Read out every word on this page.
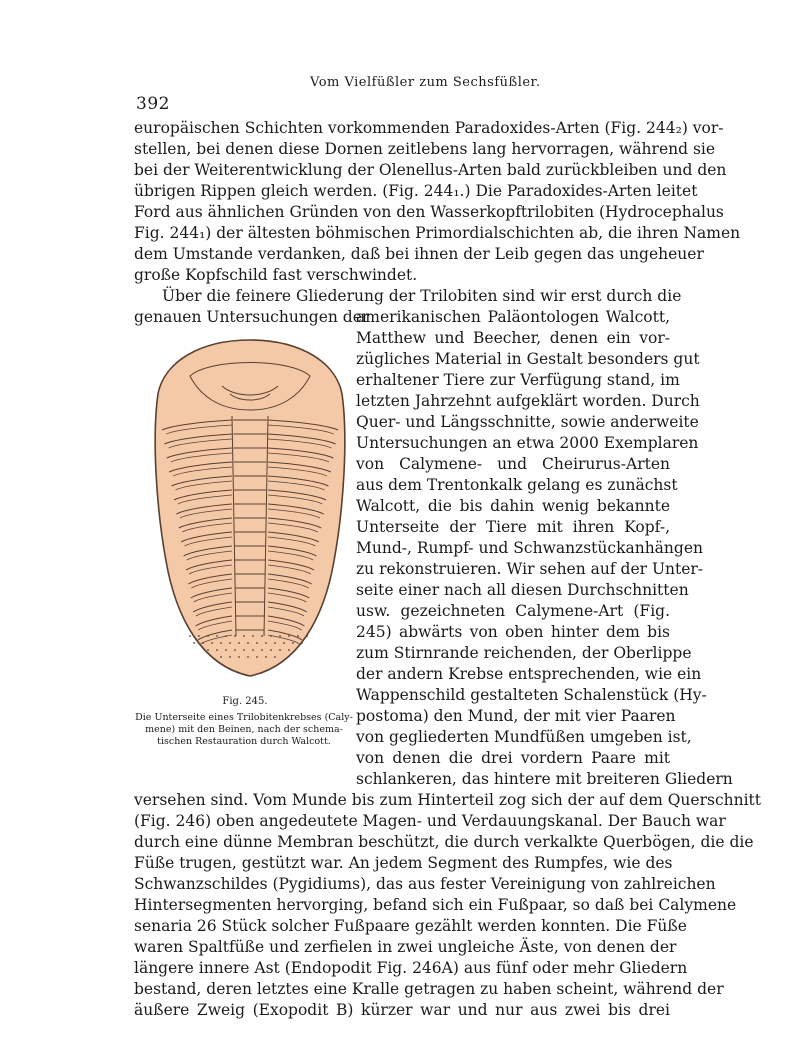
Vom Vielfüßler zum Sechsfüßler.
392
europäischen Schichten vorkommenden Paradoxides-Arten (Fig. 244₂) vor-
stellen, bei denen diese Dornen zeitlebens lang hervorragen, während sie
bei der Weiterentwicklung der Olenellus-Arten bald zurückbleiben und den
übrigen Rippen gleich werden. (Fig. 244₁.) Die Paradoxides-Arten leitet
Ford aus ähnlichen Gründen von den Wasserkopftrilobiten (Hydrocephalus
Fig. 244₁) der ältesten böhmischen Primordialschichten ab, die ihren Namen
dem Umstande verdanken, daß bei ihnen der Leib gegen das ungeheuer
große Kopfschild fast verschwindet.
Über die feinere Gliederung der Trilobiten sind wir erst durch die
genauen Untersuchungen der
amerikanischen Paläontologen Walcott,
Matthew und Beecher, denen ein vor-
zügliches Material in Gestalt besonders gut
erhaltener Tiere zur Verfügung stand, im
letzten Jahrzehnt aufgeklärt worden. Durch
Quer- und Längsschnitte, sowie anderweite
Untersuchungen an etwa 2000 Exemplaren
von Calymene- und Cheirurus-Arten
aus dem Trentonkalk gelang es zunächst
Walcott, die bis dahin wenig bekannte
Unterseite der Tiere mit ihren Kopf-,
Mund-, Rumpf- und Schwanzstückanhängen
zu rekonstruieren. Wir sehen auf der Unter-
seite einer nach all diesen Durchschnitten
usw. gezeichneten Calymene-Art (Fig.
245) abwärts von oben hinter dem bis
zum Stirnrande reichenden, der Oberlippe
der andern Krebse entsprechenden, wie ein
Wappenschild gestalteten Schalenstück (Hy-
postoma) den Mund, der mit vier Paaren
von gegliederten Mundfüßen umgeben ist,
von denen die drei vordern Paare mit
schlankeren, das hintere mit breiteren Gliedern
versehen sind. Vom Munde bis zum Hinterteil zog sich der auf dem Querschnitt
(Fig. 246) oben angedeutete Magen- und Verdauungskanal. Der Bauch war
durch eine dünne Membran beschützt, die durch verkalkte Querbögen, die die
Füße trugen, gestützt war. An jedem Segment des Rumpfes, wie des
Schwanzschildes (Pygidiums), das aus fester Vereinigung von zahlreichen
Hintersegmenten hervorging, befand sich ein Fußpaar, so daß bei Calymene
senaria 26 Stück solcher Fußpaare gezählt werden konnten. Die Füße
waren Spaltfüße und zerfielen in zwei ungleiche Äste, von denen der
längere innere Ast (Endopodit Fig. 246A) aus fünf oder mehr Gliedern
bestand, deren letztes eine Kralle getragen zu haben scheint, während der
äußere Zweig (Exopodit B) kürzer war und nur aus zwei bis drei
Fig. 245.
Die Unterseite eines Trilobitenkrebses (Caly-
mene) mit den Beinen, nach der schema-
tischen Restauration durch Walcott.
